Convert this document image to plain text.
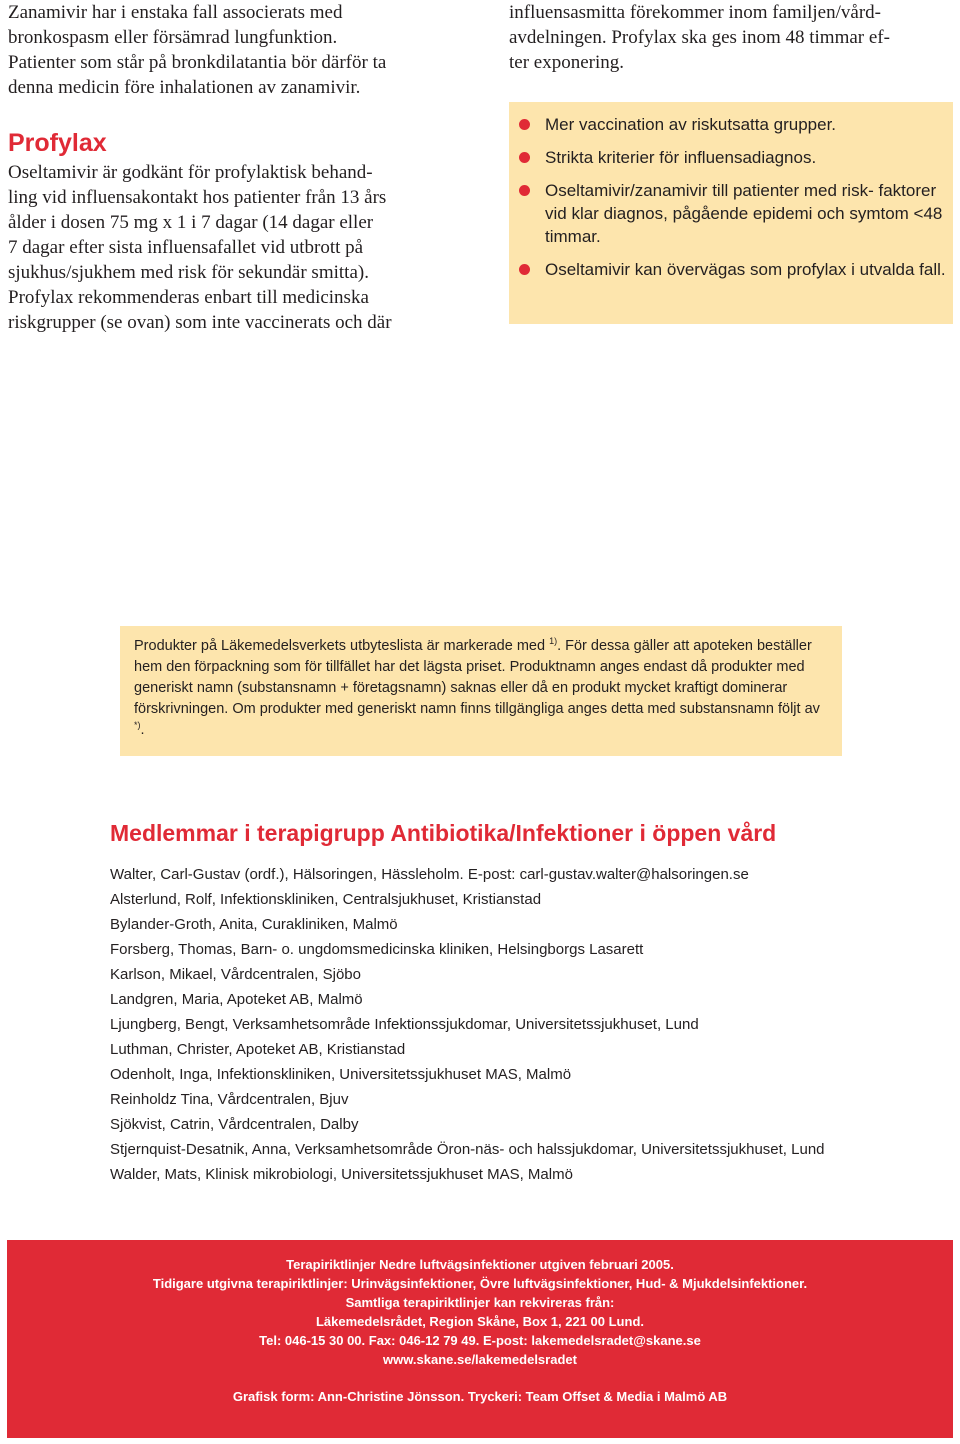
Zanamivir har i enstaka fall associerats med
bronkospasm eller försämrad lungfunktion.
Patienter som står på bronkdilatantia bör därför ta
denna medicin före inhalationen av zanamivir.

Profylax

Oseltamivir är godkänt för profylaktisk behand-
ling vid influensakontakt hos patienter från 13 års
ålder i dosen 75 mg x 1 i 7 dagar (14 dagar eller
7 dagar efter sista influensafallet vid utbrott på
sjukhus/sjukhem med risk för sekundär smitta).
Profylax rekommenderas enbart till medicinska
riskgrupper (se ovan) som inte vaccinerats och där

influensasmitta förekommer inom familjen/vård-
avdelningen. Profylax ska ges inom 48 timmar ef-
ter exponering.

Mer vaccination av riskutsatta grupper.
Strikta kriterier för influensadiagnos.
Oseltamivir/zanamivir till patienter med risk- faktorer vid klar diagnos, pågående epidemi och symtom <48 timmar.
Oseltamivir kan övervägas som profylax i utvalda fall.
Produkter på Läkemedelsverkets utbyteslista är markerade med $^{1)}$. För dessa gäller att apoteken beställer hem den förpackning som för tillfället har det lägsta priset. Produktnamn anges endast då produkter med generiskt namn (substansnamn + företagsnamn) saknas eller då en produkt mycket kraftigt dominerar förskrivningen. Om produkter med generiskt namn finns tillgängliga anges detta med substansnamn följt av *).
Medlemmar i terapigrupp Antibiotika/Infektioner i öppen vård
Walter, Carl-Gustav (ordf.), Hälsoringen, Hässleholm. E-post: carl-gustav.walter@halsoringen.se
Alsterlund, Rolf, Infektionskliniken, Centralsjukhuset, Kristianstad
Bylander-Groth, Anita, Curakliniken, Malmö
Forsberg, Thomas, Barn- o. ungdomsmedicinska kliniken, Helsingborgs Lasarett
Karlson, Mikael, Vårdcentralen, Sjöbo
Landgren, Maria, Apoteket AB, Malmö
Ljungberg, Bengt, Verksamhetsområde Infektionssjukdomar, Universitetssjukhuset, Lund
Luthman, Christer, Apoteket AB, Kristianstad
Odenholt, Inga, Infektionskliniken, Universitetssjukhuset MAS, Malmö
Reinholdz Tina, Vårdcentralen, Bjuv
Sjökvist, Catrin, Vårdcentralen, Dalby
Stjernquist-Desatnik, Anna, Verksamhetsområde Öron-näs- och halssjukdomar, Universitetssjukhuset, Lund
Walder, Mats, Klinisk mikrobiologi, Universitetssjukhuset MAS, Malmö
Terapiriktlinjer Nedre luftvägsinfektioner utgiven februari 2005.
Tidigare utgivna terapiriktlinjer: Urinvägsinfektioner, Övre luftvägsinfektioner, Hud- & Mjukdelsinfektioner.
Samtliga terapiriktlinjer kan rekvireras från:
Läkemedelsrådet, Region Skåne, Box 1, 221 00 Lund.
Tel: 046-15 30 00. Fax: 046-12 79 49. E-post: lakemedelsradet@skane.se
www.skane.se/lakemedelsradet
Grafisk form: Ann-Christine Jönsson. Tryckeri: Team Offset & Media i Malmö AB
